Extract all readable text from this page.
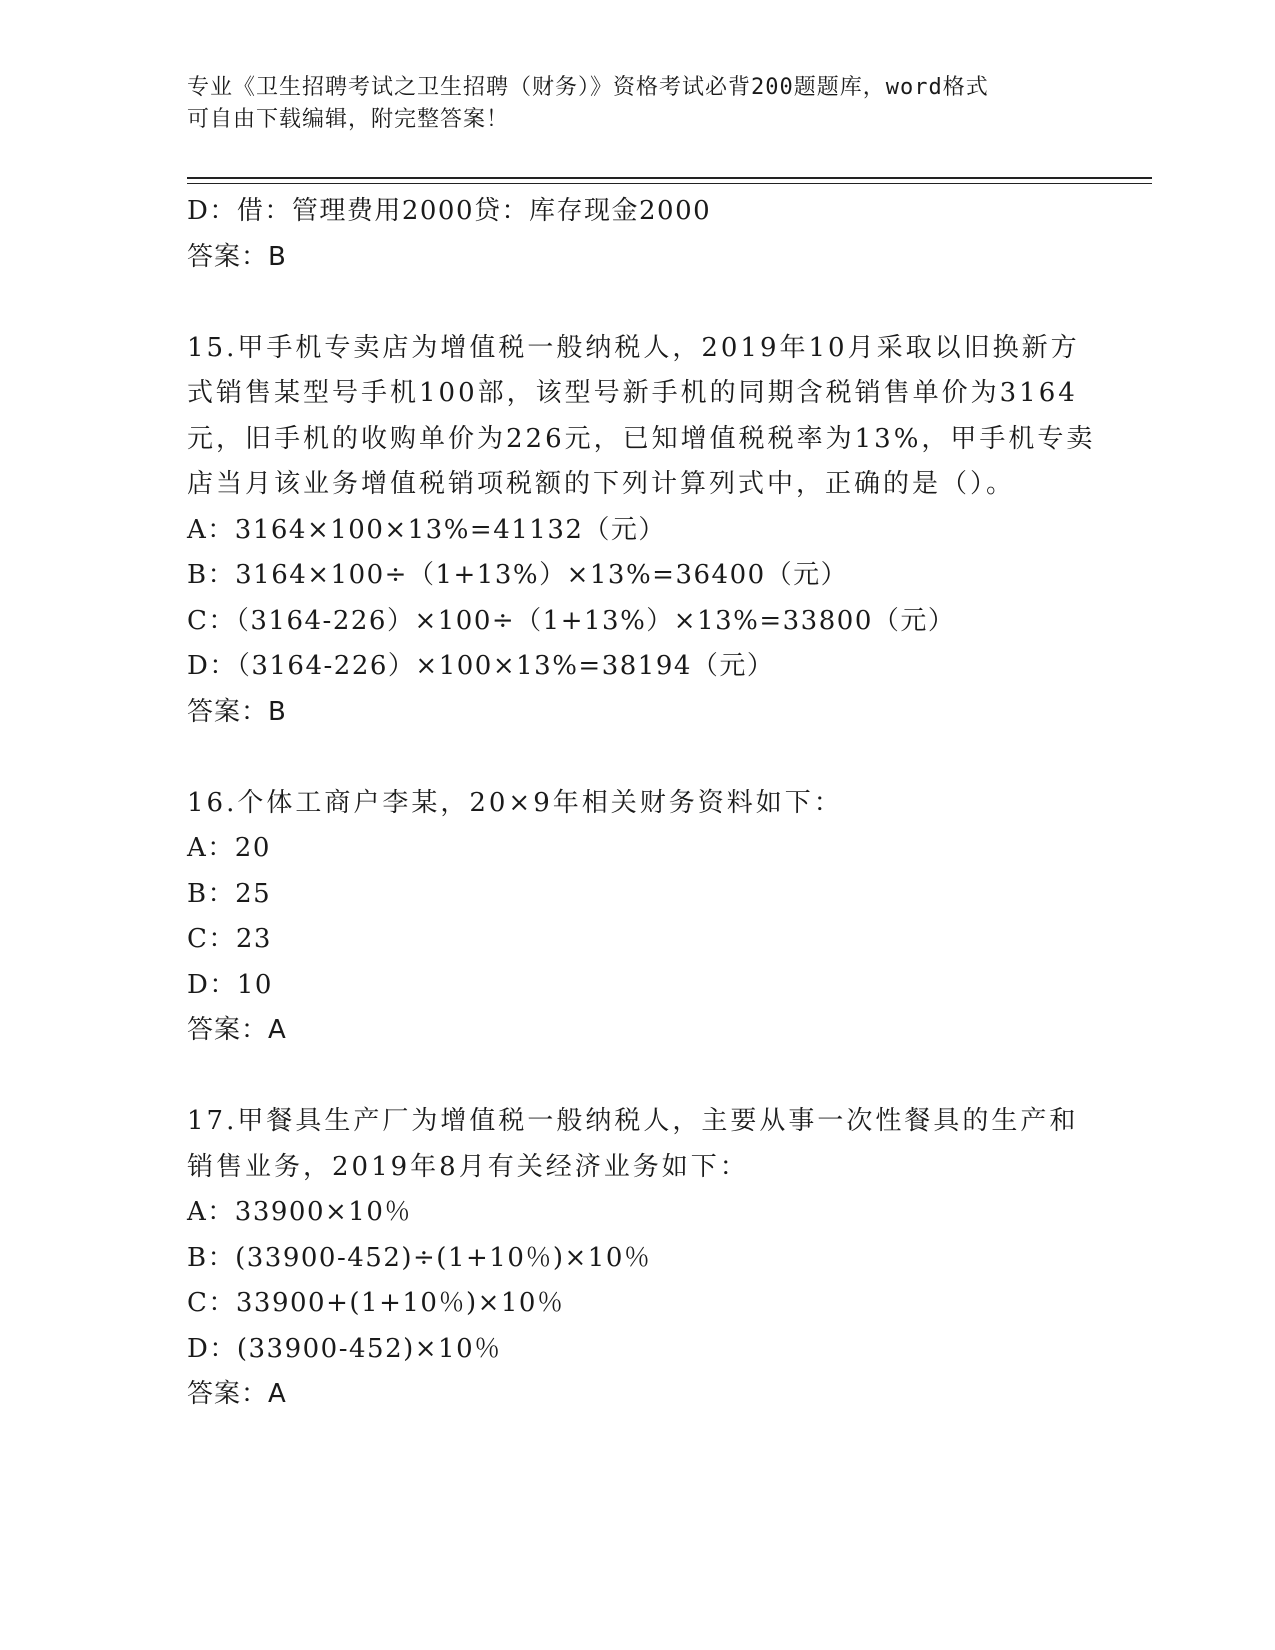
专业《卫生招聘考试之卫生招聘（财务）》资格考试必背200题题库，word格式
可自由下载编辑，附完整答案！
D：借：管理费用2000贷：库存现金2000
答案：B
15.甲手机专卖店为增值税一般纳税人，2019年10月采取以旧换新方
式销售某型号手机100部，该型号新手机的同期含税销售单价为3164
元，旧手机的收购单价为226元，已知增值税税率为13%，甲手机专卖
店当月该业务增值税销项税额的下列计算列式中，正确的是（）。
A：3164×100×13%=41132（元）
B：3164×100÷（1+13%）×13%=36400（元）
C：（3164-226）×100÷（1+13%）×13%=33800（元）
D：（3164-226）×100×13%=38194（元）
答案：B
16.个体工商户李某，20×9年相关财务资料如下：
A：20
B：25
C：23
D：10
答案：A
17.甲餐具生产厂为增值税一般纳税人，主要从事一次性餐具的生产和
销售业务，2019年8月有关经济业务如下：
A：33900×10％
B：(33900-452)÷(1+10％)×10％
C：33900+(1+10％)×10％
D：(33900-452)×10％
答案：A
